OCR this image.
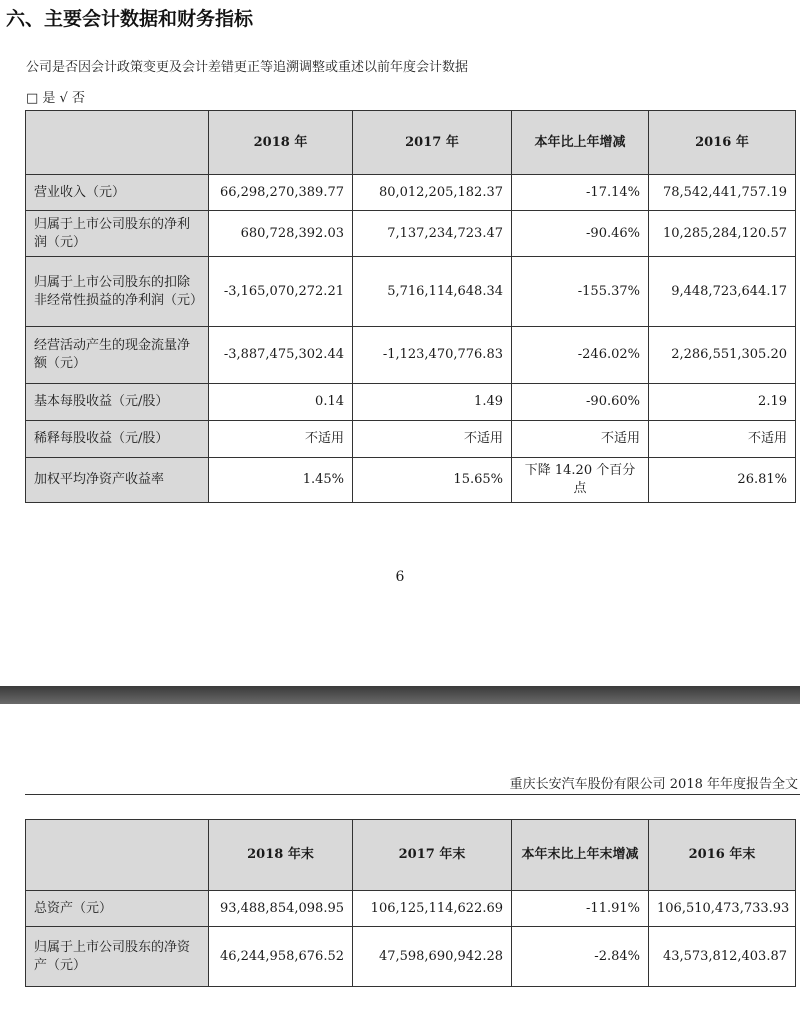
六、主要会计数据和财务指标
公司是否因会计政策变更及会计差错更正等追溯调整或重述以前年度会计数据
□ 是 √ 否
	2018 年	2017 年	本年比上年增减	2016 年
营业收入（元）	66,298,270,389.77	80,012,205,182.37	-17.14%	78,542,441,757.19
归属于上市公司股东的净利润（元）	680,728,392.03	7,137,234,723.47	-90.46%	10,285,284,120.57
归属于上市公司股东的扣除非经常性损益的净利润（元）	-3,165,070,272.21	5,716,114,648.34	-155.37%	9,448,723,644.17
经营活动产生的现金流量净额（元）	-3,887,475,302.44	-1,123,470,776.83	-246.02%	2,286,551,305.20
基本每股收益（元/股）	0.14	1.49	-90.60%	2.19
稀释每股收益（元/股）	不适用	不适用	不适用	不适用
加权平均净资产收益率	1.45%	15.65%	下降 14.20 个百分点	26.81%
6
重庆长安汽车股份有限公司 2018 年年度报告全文
	2018 年末	2017 年末	本年末比上年末增减	2016 年末
总资产（元）	93,488,854,098.95	106,125,114,622.69	-11.91%	106,510,473,733.93
归属于上市公司股东的净资产（元）	46,244,958,676.52	47,598,690,942.28	-2.84%	43,573,812,403.87
